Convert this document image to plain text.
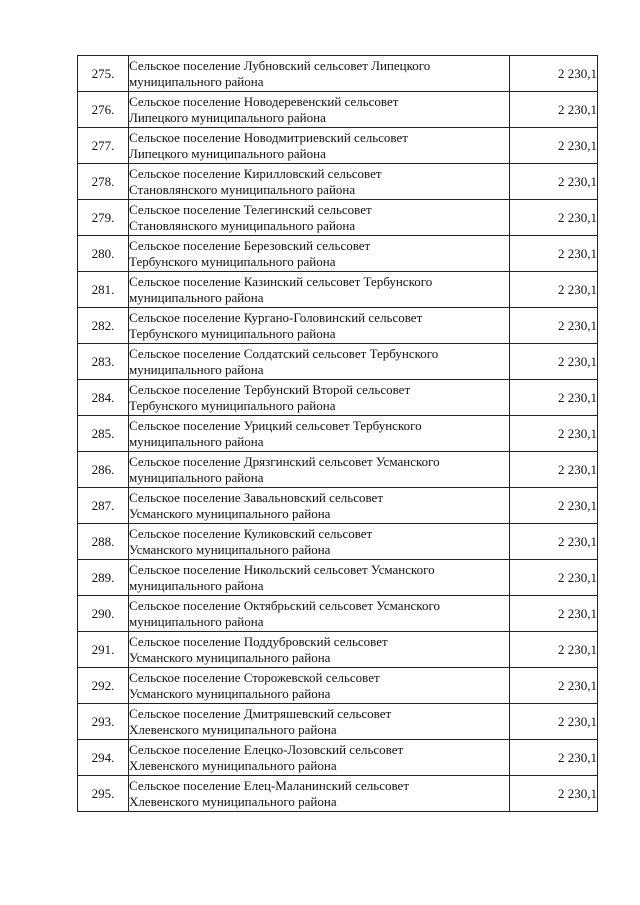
275.	Сельское поселение Лубновский сельсовет Липецкого
муниципального района	2 230,1
276.	Сельское поселение Новодеревенский сельсовет
Липецкого муниципального района	2 230,1
277.	Сельское поселение Новодмитриевский сельсовет
Липецкого муниципального района	2 230,1
278.	Сельское поселение Кирилловский сельсовет
Становлянского муниципального района	2 230,1
279.	Сельское поселение Телегинский сельсовет
Становлянского муниципального района	2 230,1
280.	Сельское поселение Березовский сельсовет
Тербунского муниципального района	2 230,1
281.	Сельское поселение Казинский сельсовет Тербунского
муниципального района	2 230,1
282.	Сельское поселение Кургано-Головинский сельсовет
Тербунского муниципального района	2 230,1
283.	Сельское поселение Солдатский сельсовет Тербунского
муниципального района	2 230,1
284.	Сельское поселение Тербунский Второй сельсовет
Тербунского муниципального района	2 230,1
285.	Сельское поселение Урицкий сельсовет Тербунского
муниципального района	2 230,1
286.	Сельское поселение Дрязгинский сельсовет Усманского
муниципального района	2 230,1
287.	Сельское поселение Завальновский сельсовет
Усманского муниципального района	2 230,1
288.	Сельское поселение Куликовский сельсовет
Усманского муниципального района	2 230,1
289.	Сельское поселение Никольский сельсовет Усманского
муниципального района	2 230,1
290.	Сельское поселение Октябрьский сельсовет Усманского
муниципального района	2 230,1
291.	Сельское поселение Поддубровский сельсовет
Усманского муниципального района	2 230,1
292.	Сельское поселение Сторожевской сельсовет
Усманского муниципального района	2 230,1
293.	Сельское поселение Дмитряшевский сельсовет
Хлевенского муниципального района	2 230,1
294.	Сельское поселение Елецко-Лозовский сельсовет
Хлевенского муниципального района	2 230,1
295.	Сельское поселение Елец-Маланинский сельсовет
Хлевенского муниципального района	2 230,1
